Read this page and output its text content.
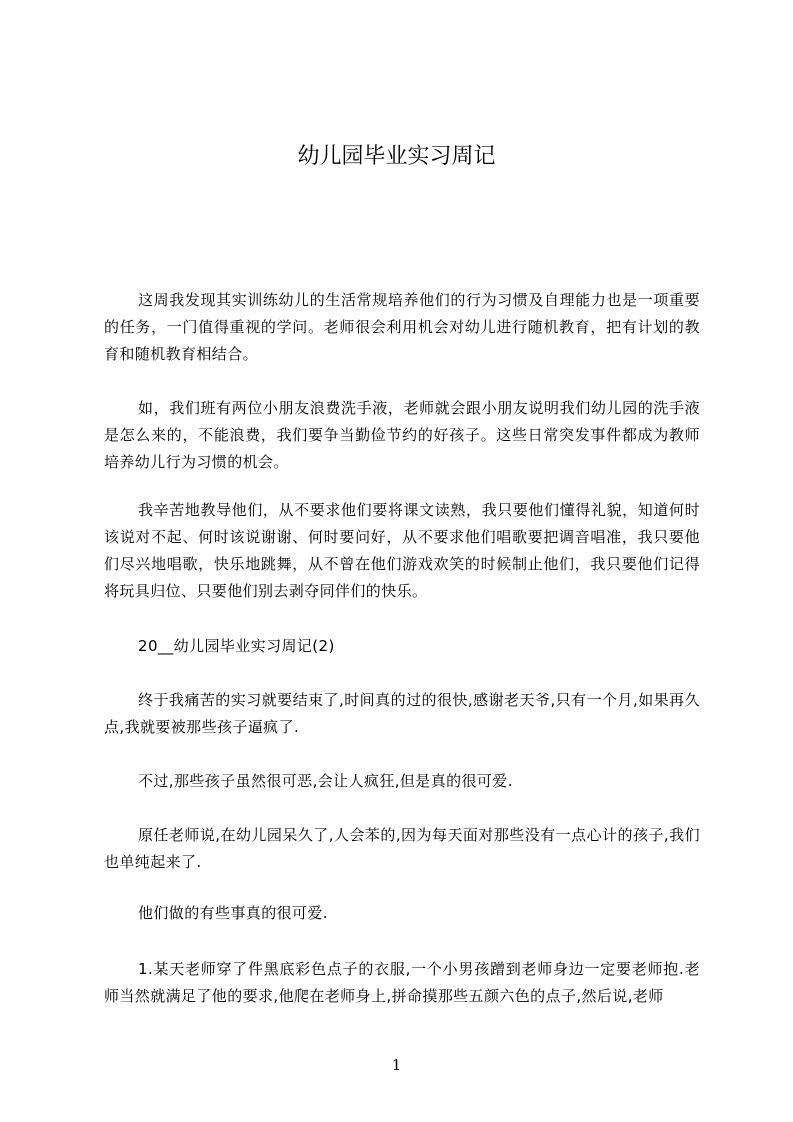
幼儿园毕业实习周记

这周我发现其实训练幼儿的生活常规培养他们的行为习惯及自理能力也是一项重要的任务，一门值得重视的学问。老师很会利用机会对幼儿进行随机教育，把有计划的教育和随机教育相结合。

如，我们班有两位小朋友浪费洗手液，老师就会跟小朋友说明我们幼儿园的洗手液是怎么来的，不能浪费，我们要争当勤俭节约的好孩子。这些日常突发事件都成为教师培养幼儿行为习惯的机会。

我辛苦地教导他们，从不要求他们要将课文读熟，我只要他们懂得礼貌，知道何时该说对不起、何时该说谢谢、何时要问好，从不要求他们唱歌要把调音唱准，我只要他们尽兴地唱歌，快乐地跳舞，从不曾在他们游戏欢笑的时候制止他们，我只要他们记得将玩具归位、只要他们别去剥夺同伴们的快乐。

20__幼儿园毕业实习周记(2)

终于我痛苦的实习就要结束了,时间真的过的很快,感谢老天爷,只有一个月,如果再久点,我就要被那些孩子逼疯了.

不过,那些孩子虽然很可恶,会让人疯狂,但是真的很可爱.

原任老师说,在幼儿园呆久了,人会苯的,因为每天面对那些没有一点心计的孩子,我们也单纯起来了.

他们做的有些事真的很可爱.

1.某天老师穿了件黑底彩色点子的衣服,一个小男孩蹭到老师身边一定要老师抱.老师当然就满足了他的要求,他爬在老师身上,拼命摸那些五颜六色的点子,然后说,老师

1
